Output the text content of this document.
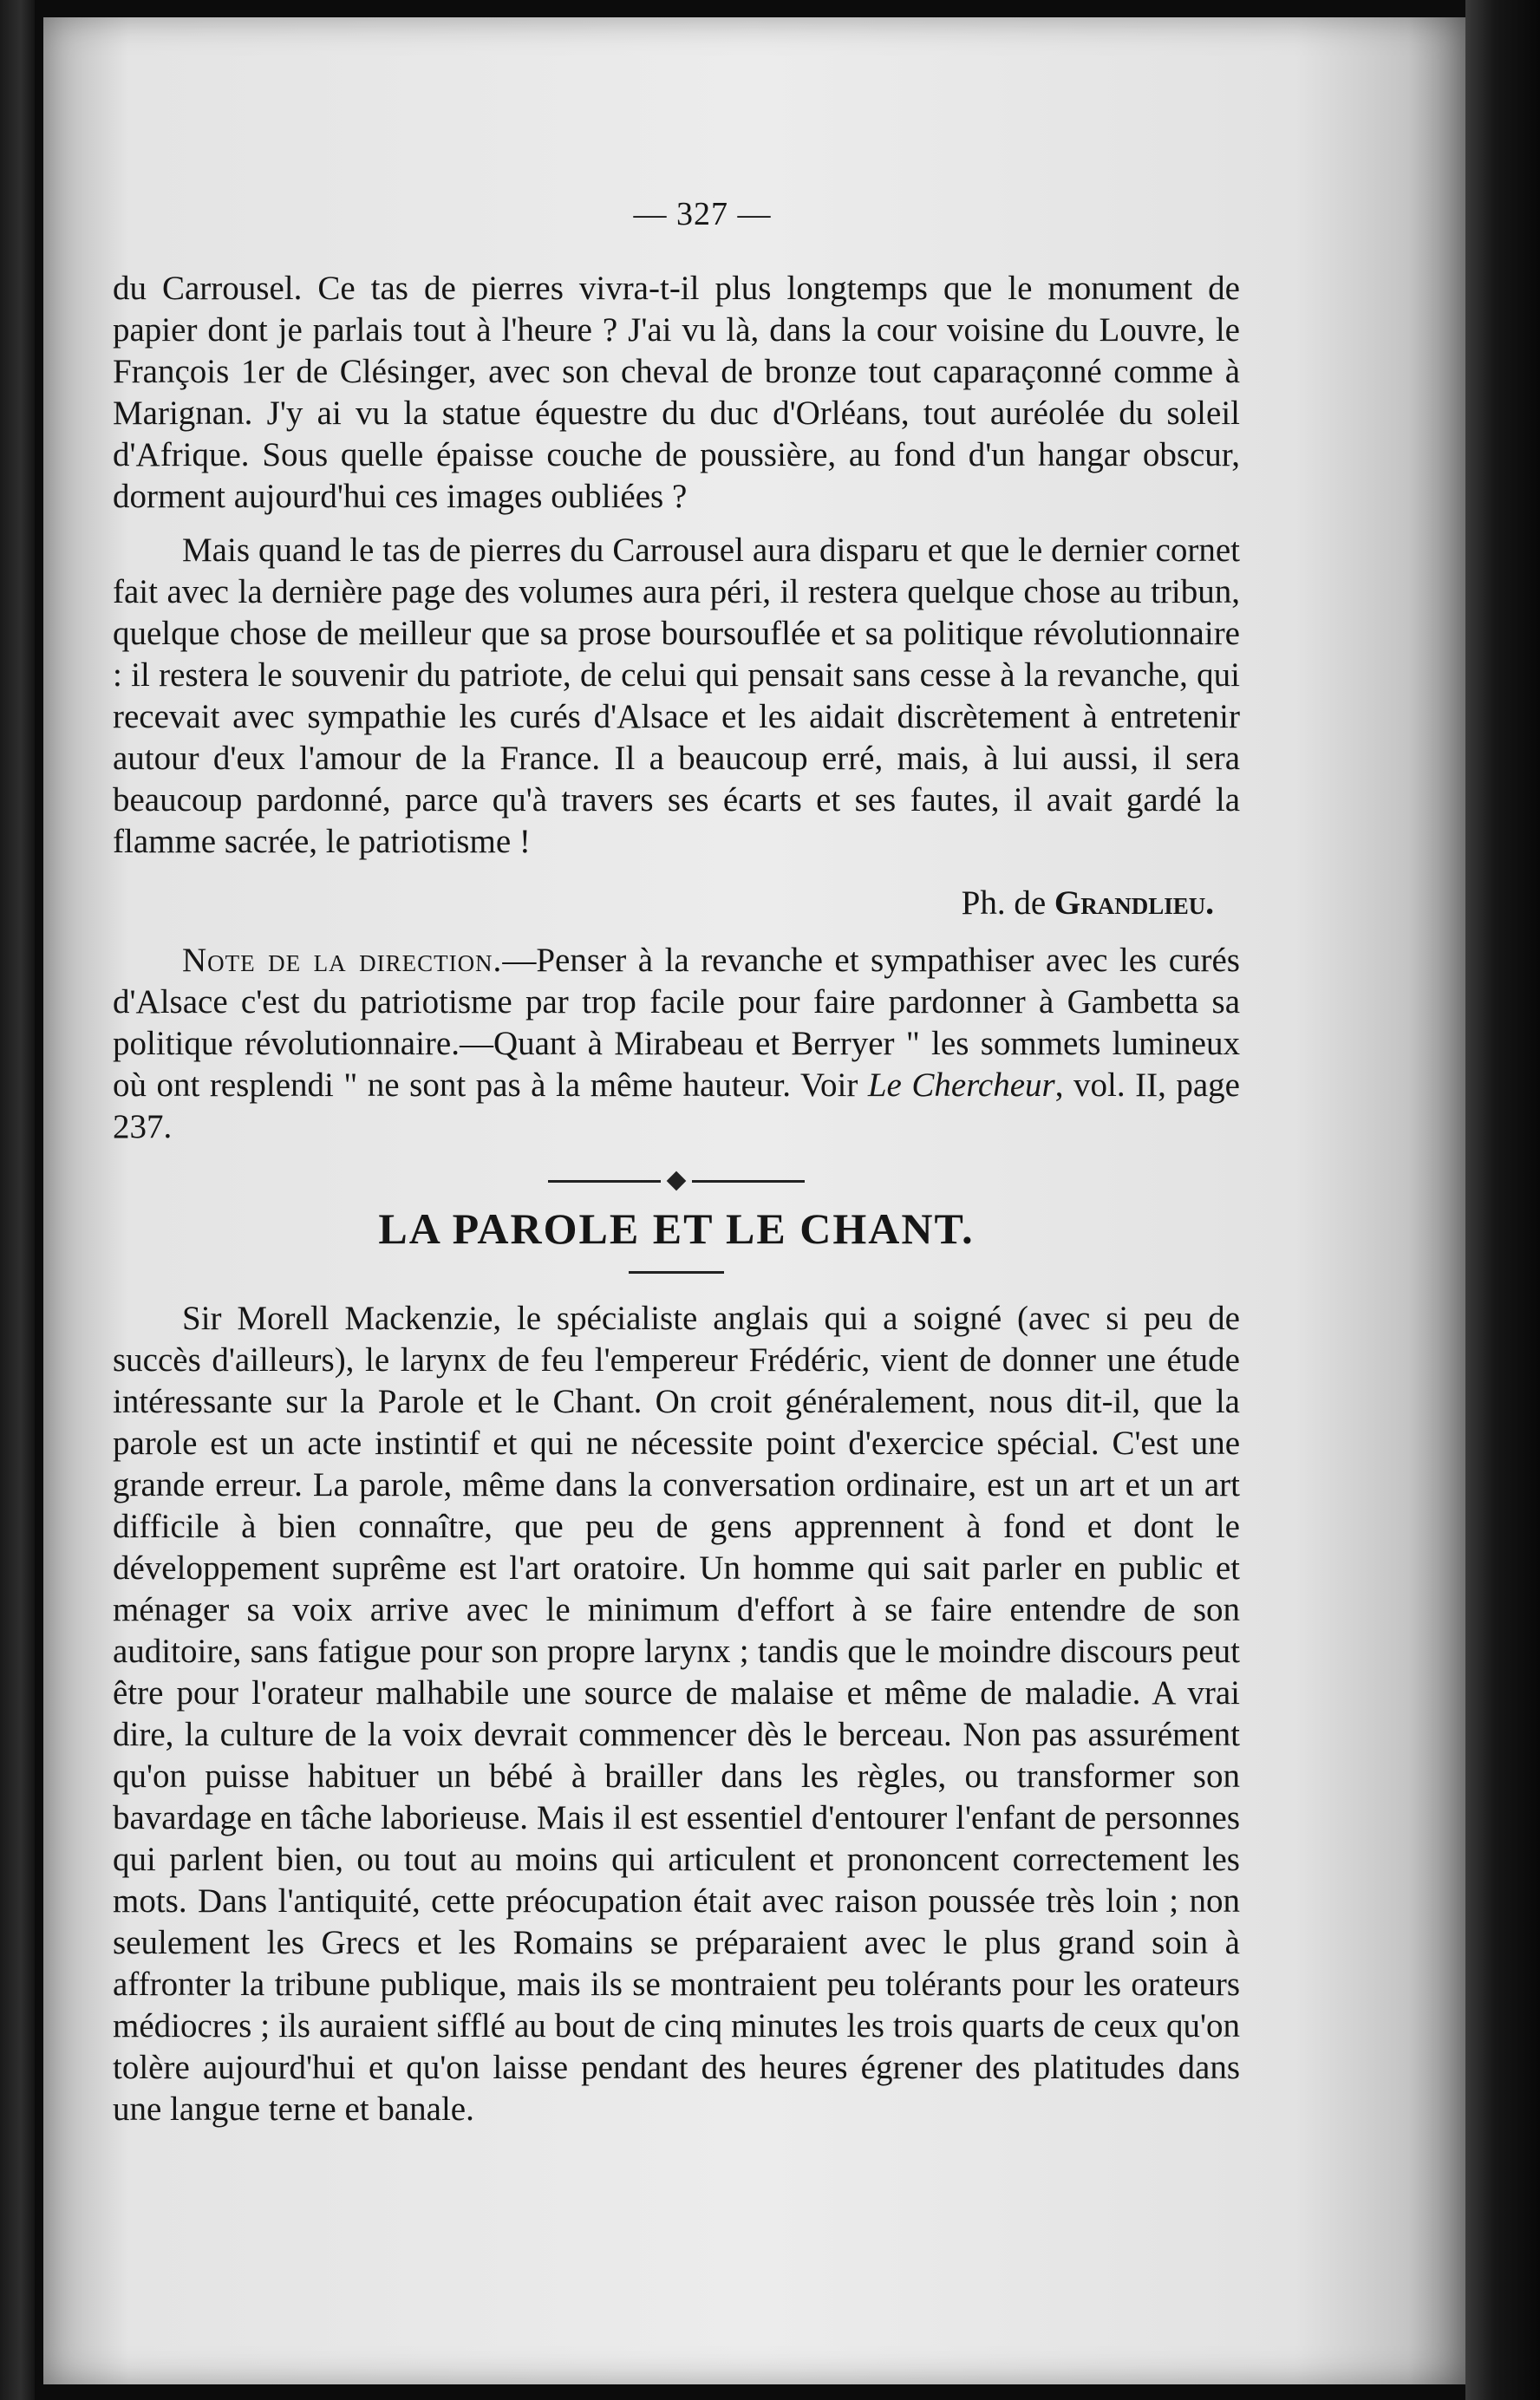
— 327 —

du Carrousel. Ce tas de pierres vivra-t-il plus longtemps que le monument de papier dont je parlais tout à l'heure ? J'ai vu là, dans la cour voisine du Louvre, le François 1er de Clésinger, avec son cheval de bronze tout caparaçonné comme à Marignan. J'y ai vu la statue équestre du duc d'Orléans, tout auréolée du soleil d'Afrique. Sous quelle épaisse couche de poussière, au fond d'un hangar obscur, dorment aujourd'hui ces images oubliées ?

Mais quand le tas de pierres du Carrousel aura disparu et que le dernier cornet fait avec la dernière page des volumes aura péri, il restera quelque chose au tribun, quelque chose de meilleur que sa prose boursouflée et sa politique révolutionnaire : il restera le souvenir du patriote, de celui qui pensait sans cesse à la revanche, qui recevait avec sympathie les curés d'Alsace et les aidait discrètement à entretenir autour d'eux l'amour de la France. Il a beaucoup erré, mais, à lui aussi, il sera beaucoup pardonné, parce qu'à travers ses écarts et ses fautes, il avait gardé la flamme sacrée, le patriotisme !

Ph. de Grandlieu.

Note de la direction.—Penser à la revanche et sympathiser avec les curés d'Alsace c'est du patriotisme par trop facile pour faire pardonner à Gambetta sa politique révolutionnaire.—Quant à Mirabeau et Berryer " les sommets lumineux où ont resplendi " ne sont pas à la même hauteur. Voir Le Chercheur, vol. II, page 237.

LA PAROLE ET LE CHANT.

Sir Morell Mackenzie, le spécialiste anglais qui a soigné (avec si peu de succès d'ailleurs), le larynx de feu l'empereur Frédéric, vient de donner une étude intéressante sur la Parole et le Chant. On croit généralement, nous dit-il, que la parole est un acte instintif et qui ne nécessite point d'exercice spécial. C'est une grande erreur. La parole, même dans la conversation ordinaire, est un art et un art difficile à bien connaître, que peu de gens apprennent à fond et dont le développement suprême est l'art oratoire. Un homme qui sait parler en public et ménager sa voix arrive avec le minimum d'effort à se faire entendre de son auditoire, sans fatigue pour son propre larynx ; tandis que le moindre discours peut être pour l'orateur malhabile une source de malaise et même de maladie. A vrai dire, la culture de la voix devrait commencer dès le berceau. Non pas assurément qu'on puisse habituer un bébé à brailler dans les règles, ou transformer son bavardage en tâche laborieuse. Mais il est essentiel d'entourer l'enfant de personnes qui parlent bien, ou tout au moins qui articulent et prononcent correctement les mots. Dans l'antiquité, cette préocupation était avec raison poussée très loin ; non seulement les Grecs et les Romains se préparaient avec le plus grand soin à affronter la tribune publique, mais ils se montraient peu tolérants pour les orateurs médiocres ; ils auraient sifflé au bout de cinq minutes les trois quarts de ceux qu'on tolère aujourd'hui et qu'on laisse pendant des heures égrener des platitudes dans une langue terne et banale.
